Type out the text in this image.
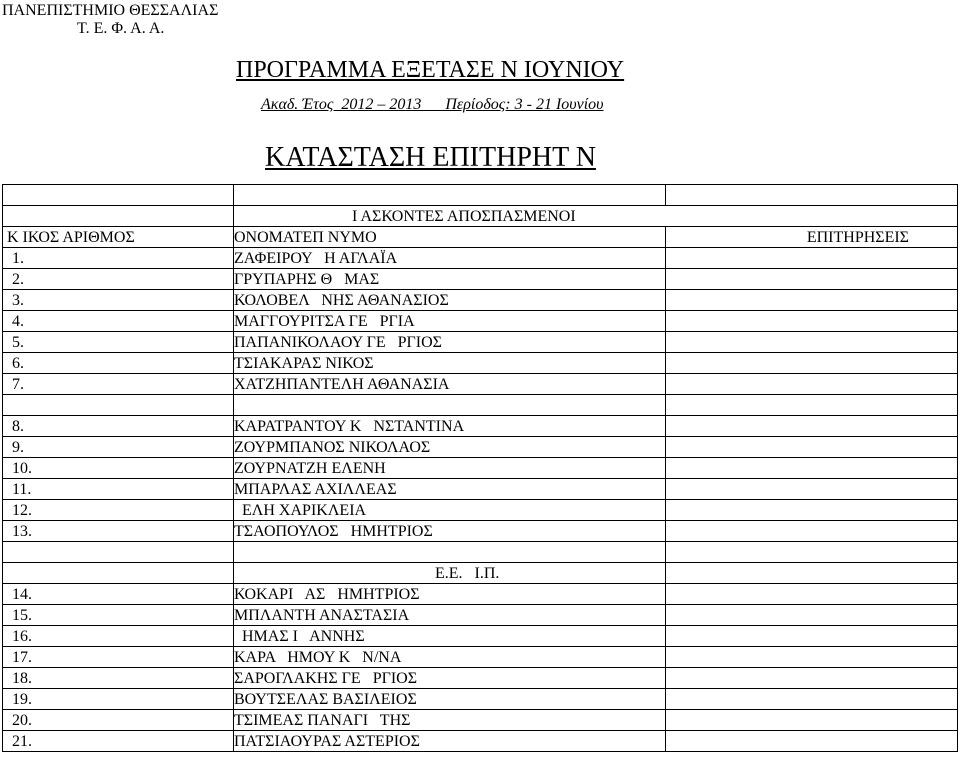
ΠΑΝΕΠΙΣΤΗΜΙΟ ΘΕΣΣΑΛΙΑΣ
Τ. Ε. Φ. Α. Α.
ΠΡΟΓΡΑΜΜΑ ΕΞΕΤΑΣΕ Ν ΙΟΥΝΙΟΥ
Ακαδ. Έτος  2012 – 2013      Περίοδος: 3 - 21 Ιουνίου
ΚΑΤΑΣΤΑΣΗ ΕΠΙΤΗΡΗΤ Ν

	Ι ΑΣΚΟΝΤΕΣ ΑΠΟΣΠΑΣΜΕΝΟΙ	
Κ ΙΚΟΣ ΑΡΙΘΜΟΣ	ΟΝΟΜΑΤΕΠ ΝΥΜΟ	ΕΠΙΤΗΡΗΣΕΙΣ
1.	ΖΑΦΕΙΡΟΥ   Η ΑΓΛΑΪΑ	
2.	ΓΡΥΠΑΡΗΣ Θ   ΜΑΣ	
3.	ΚΟΛΟΒΕΛ   ΝΗΣ ΑΘΑΝΑΣΙΟΣ	
4.	ΜΑΓΓΟΥΡΙΤΣΑ ΓΕ   ΡΓΙΑ	
5.	ΠΑΠΑΝΙΚΟΛΑΟΥ ΓΕ   ΡΓΙΟΣ	
6.	ΤΣΙΑΚΑΡΑΣ ΝΙΚΟΣ	
7.	ΧΑΤΖΗΠΑΝΤΕΛΗ ΑΘΑΝΑΣΙΑ	

8.	ΚΑΡΑΤΡΑΝΤΟΥ Κ   ΝΣΤΑΝΤΙΝΑ	
9.	ΖΟΥΡΜΠΑΝΟΣ ΝΙΚΟΛΑΟΣ	
10.	ΖΟΥΡΝΑΤΖΗ ΕΛΕΝΗ	
11.	ΜΠΑΡΛΑΣ ΑΧΙΛΛΕΑΣ	
12.	ΕΛΗ ΧΑΡΙΚΛΕΙΑ	
13.	ΤΣΑΟΠΟΥΛΟΣ   ΗΜΗΤΡΙΟΣ	

	Ε.Ε.   Ι.Π.	
14.	ΚΟΚΑΡΙ   ΑΣ   ΗΜΗΤΡΙΟΣ	
15.	ΜΠΛΑΝΤΗ ΑΝΑΣΤΑΣΙΑ	
16.	ΗΜΑΣ Ι   ΑΝΝΗΣ	
17.	ΚΑΡΑ   ΗΜΟΥ Κ   Ν/ΝΑ	
18.	ΣΑΡΟΓΛΑΚΗΣ ΓΕ   ΡΓΙΟΣ	
19.	ΒΟΥΤΣΕΛΑΣ ΒΑΣΙΛΕΙΟΣ	
20.	ΤΣΙΜΕΑΣ ΠΑΝΑΓΙ   ΤΗΣ	
21.	ΠΑΤΣΙΑΟΥΡΑΣ ΑΣΤΕΡΙΟΣ	
